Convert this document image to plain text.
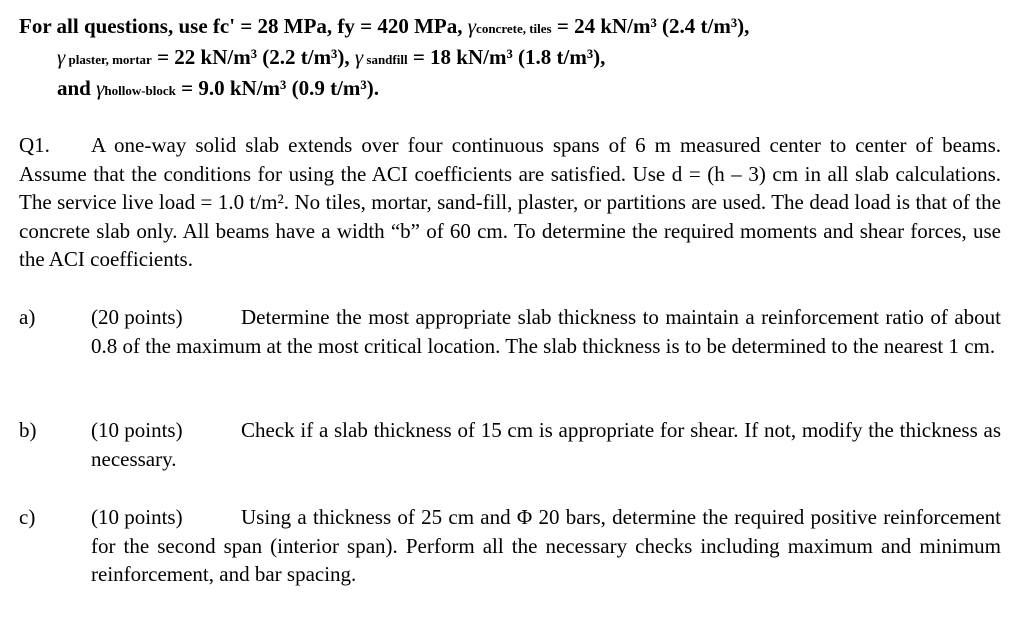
For all questions, use fc' = 28 MPa, fy = 420 MPa, γconcrete, tiles = 24 kN/m³ (2.4 t/m³),
γ plaster, mortar = 22 kN/m³ (2.2 t/m³), γ sandfill = 18 kN/m³ (1.8 t/m³),
and γhollow-block = 9.0 kN/m³ (0.9 t/m³).
Q1. A one-way solid slab extends over four continuous spans of 6 m measured center to center of beams. Assume that the conditions for using the ACI coefficients are satisfied. Use d = (h – 3) cm in all slab calculations. The service live load = 1.0 t/m². No tiles, mortar, sand-fill, plaster, or partitions are used. The dead load is that of the concrete slab only. All beams have a width “b” of 60 cm. To determine the required moments and shear forces, use the ACI coefficients.
a)	(20 points)	Determine the most appropriate slab thickness to maintain a reinforcement ratio of about 0.8 of the maximum at the most critical location. The slab thickness is to be determined to the nearest 1 cm.
b)	(10 points)	Check if a slab thickness of 15 cm is appropriate for shear. If not, modify the thickness as necessary.
c)	(10 points)	Using a thickness of 25 cm and Φ 20 bars, determine the required positive reinforcement for the second span (interior span). Perform all the necessary checks including maximum and minimum reinforcement, and bar spacing.
